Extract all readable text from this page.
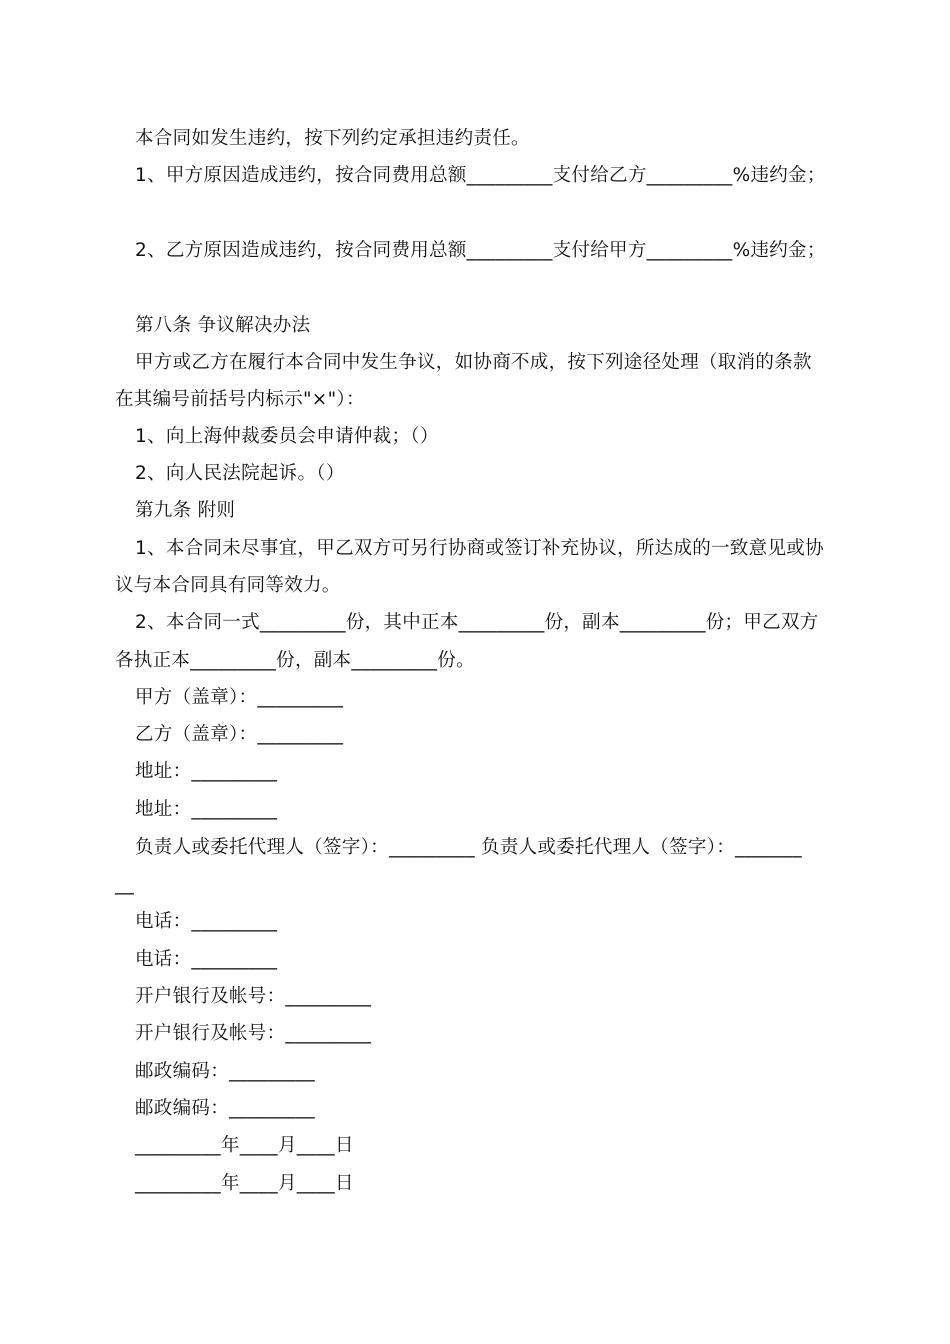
本合同如发生违约，按下列约定承担违约责任。
1、甲方原因造成违约，按合同费用总额_________支付给乙方_________%违约金；
2、乙方原因造成违约，按合同费用总额_________支付给甲方_________%违约金；
第八条 争议解决办法
甲方或乙方在履行本合同中发生争议，如协商不成，按下列途径处理（取消的条款
在其编号前括号内标示"×"）：
1、向上海仲裁委员会申请仲裁；（）
2、向人民法院起诉。（）
第九条 附则
1、本合同未尽事宜，甲乙双方可另行协商或签订补充协议，所达成的一致意见或协
议与本合同具有同等效力。
2、本合同一式_________份，其中正本_________份，副本_________份；甲乙双方
各执正本_________份，副本_________份。
甲方（盖章）：_________
乙方（盖章）：_________
地址：_________
地址：_________
负责人或委托代理人（签字）：_________ 负责人或委托代理人（签字）：_______
__
电话：_________
电话：_________
开户银行及帐号：_________
开户银行及帐号：_________
邮政编码：_________
邮政编码：_________
_________年____月____日
_________年____月____日
